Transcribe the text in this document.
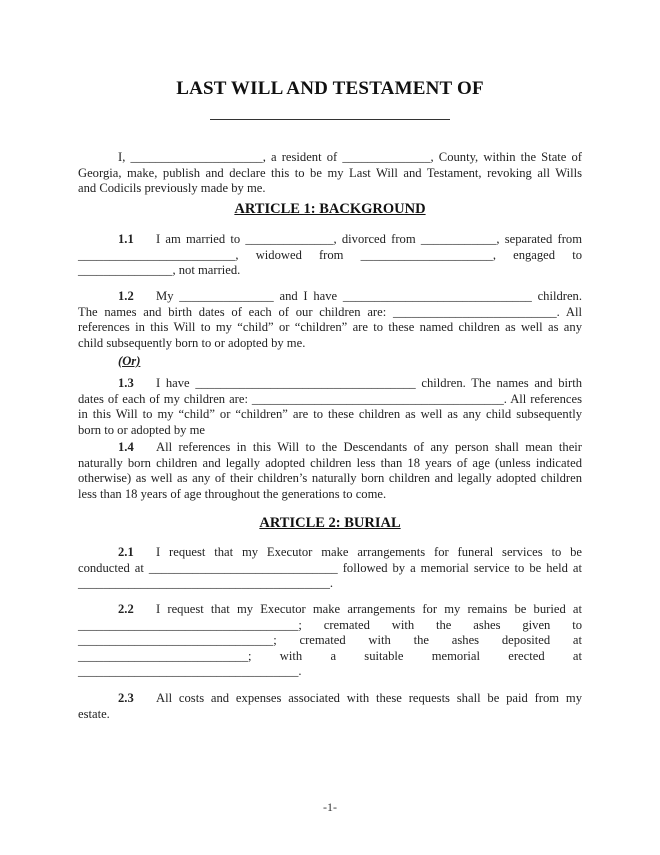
LAST WILL AND TESTAMENT OF
I, _____________________, a resident of ______________, County, within the State of
Georgia, make, publish and declare this to be my Last Will and Testament, revoking all Wills
and Codicils previously made by me.
ARTICLE 1: BACKGROUND
1.1 I am married to ______________, divorced from ____________, separated from
_________________________, widowed from _____________________, engaged to
_______________, not married.
1.2 My _______________ and I have ______________________________ children.
The names and birth dates of each of our children are: __________________________. All
references in this Will to my “child” or “children” are to these named children as well as any
child subsequently born to or adopted by me.
(Or)
1.3 I have ___________________________________ children. The names and birth
dates of each of my children are: ________________________________________. All references
in this Will to my “child” or “children” are to these children as well as any child subsequently
born to or adopted by me
1.4 All references in this Will to the Descendants of any person shall mean their
naturally born children and legally adopted children less than 18 years of age (unless indicated
otherwise) as well as any of their children’s naturally born children and legally adopted children
less than 18 years of age throughout the generations to come.
ARTICLE 2: BURIAL
2.1 I request that my Executor make arrangements for funeral services to be
conducted at ______________________________ followed by a memorial service to be held at
________________________________________.
2.2 I request that my Executor make arrangements for my remains be buried at
___________________________________; cremated with the ashes given to
_______________________________; cremated with the ashes deposited at
___________________________; with a suitable memorial erected at
___________________________________.
2.3 All costs and expenses associated with these requests shall be paid from my
estate.
-1-
